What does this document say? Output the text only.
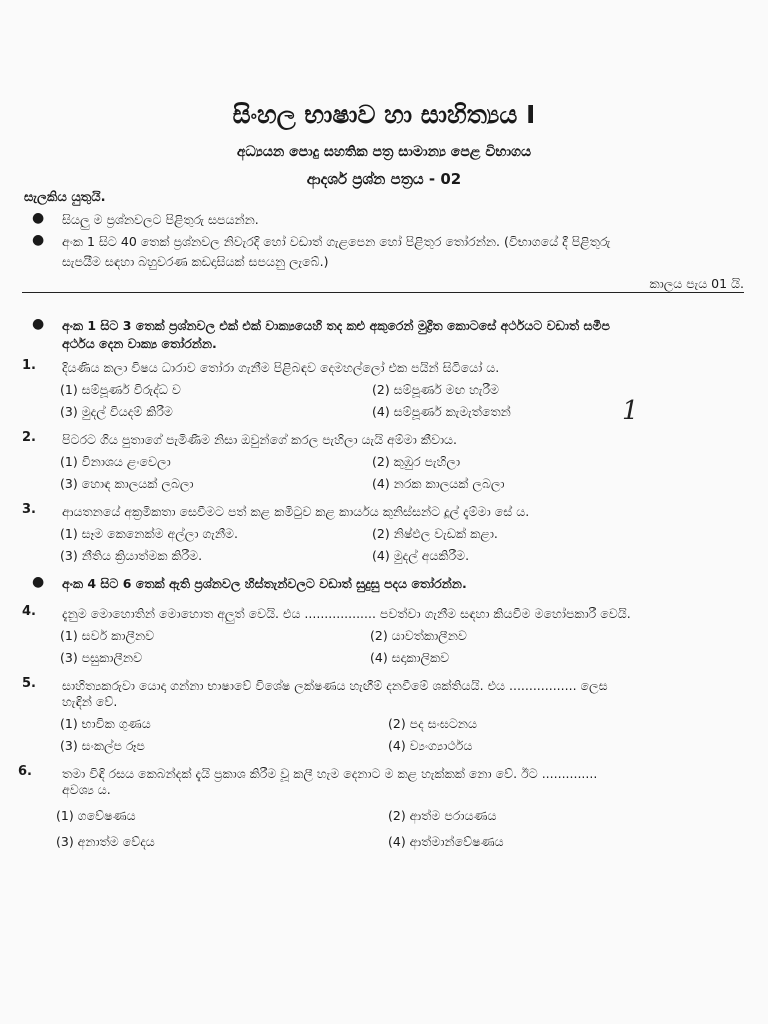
සිංහල භාෂාව හා සාහිත්‍යය I
අධ්‍යයන පොදු සහතික පත්‍ර සාමාන්‍ය පෙළ විභාගය
ආදර්ශ ප්‍රශ්න පත්‍රය - 02
සැලකිය යුතුයි.
● සියලු ම ප්‍රශ්නවලට පිළිතුරු සපයන්න.
● අංක 1 සිට 40 තෙක් ප්‍රශ්නවල නිවැරදි හෝ වඩාත් ගැළපෙන හෝ පිළිතුර තෝරන්න. (විභාගයේ දී පිළිතුරු
සැපයීම සඳහා බහුවරණ කඩදාසියක් සපයනු ලැබේ.)
කාලය පැය 01 යි.
● අංක 1 සිට 3 තෙක් ප්‍රශ්නවල එක් එක් වාක්‍යයෙහි තද කළු අකුරෙන් මුද්‍රිත කොටසේ අර්ථයට වඩාත් සමීප
අර්ථය දෙන වාක්‍ය තෝරන්න.
1. දියණිය කලා විෂය ධාරාව තෝරා ගැනීම පිළිබඳව දෙමහල්ලෝ එක පයින් සිටියෝ ය.
(1) සම්පූර්ණ විරුද්ධ ව	(2) සම්පූර්ණ මඟ හැරීම
(3) මුදල් වියදම් කිරීම	(4) සම්පූර්ණ කැමැත්තෙන්	1
2. පිටරට ගිය පුතාගේ පැමිණීම නිසා ඔවුන්ගේ කරල පැහිලා යැයි අම්මා කීවාය.
(1) විනාශය ළංවෙලා	(2) කුඹුර පැහිලා
(3) හොඳ කාලයක් ලබලා	(4) නරක කාලයක් ලබලා
3. ආයතනයේ අක්‍රමිකතා සෙවීමට පත් කළ කමිටුව කළ කාර්යය කුනිස්සන්ට දූල් දැම්මා සේ ය.
(1) සෑම කෙනෙක්ම අල්ලා ගැනීම.	(2) නිෂ්ඵල වැඩක් කළා.
(3) නීතිය ක්‍රියාත්මක කිරීම.	(4) මුදල් අයකිරීම.
● අංක 4 සිට 6 තෙක් ඇති ප්‍රශ්නවල හිස්තැන්වලට වඩාත් සුදුසු පදය තෝරන්න.
4. දැනුම මොහොතින් මොහොත අලුත් වෙයි. එය .................. පවත්වා ගැනීම සඳහා කියවීම මහෝපකාරී වෙයි.
(1) සර්ව කාලීනව	(2) යාවත්කාලීනව
(3) පසුකාලීනව	(4) සදාකාලිකව
5. සාහිත්‍යකරුවා යොදා ගන්නා භාෂාවේ විශේෂ ලක්ෂණය හැඟීම් දනවීමේ ශක්තියයි. එය ................. ලෙස
හැඳින් වේ.
(1) භාවික ගුණය	(2) පද සංඝටනය
(3) සංකල්ප රූප	(4) ව්‍යංග්‍යාර්ථය
6. තමා විඳි රසය කෙබන්දක් දැයි ප්‍රකාශ කිරීම වූ කලී හැම දෙනාට ම කළ හැක්කක් නො වේ. ඊට ..............
අවශ්‍ය ය.
(1) ගවේෂණය	(2) ආත්ම පරායණය
(3) අනාත්ම වේදය	(4) ආත්මාන්වේෂණය
